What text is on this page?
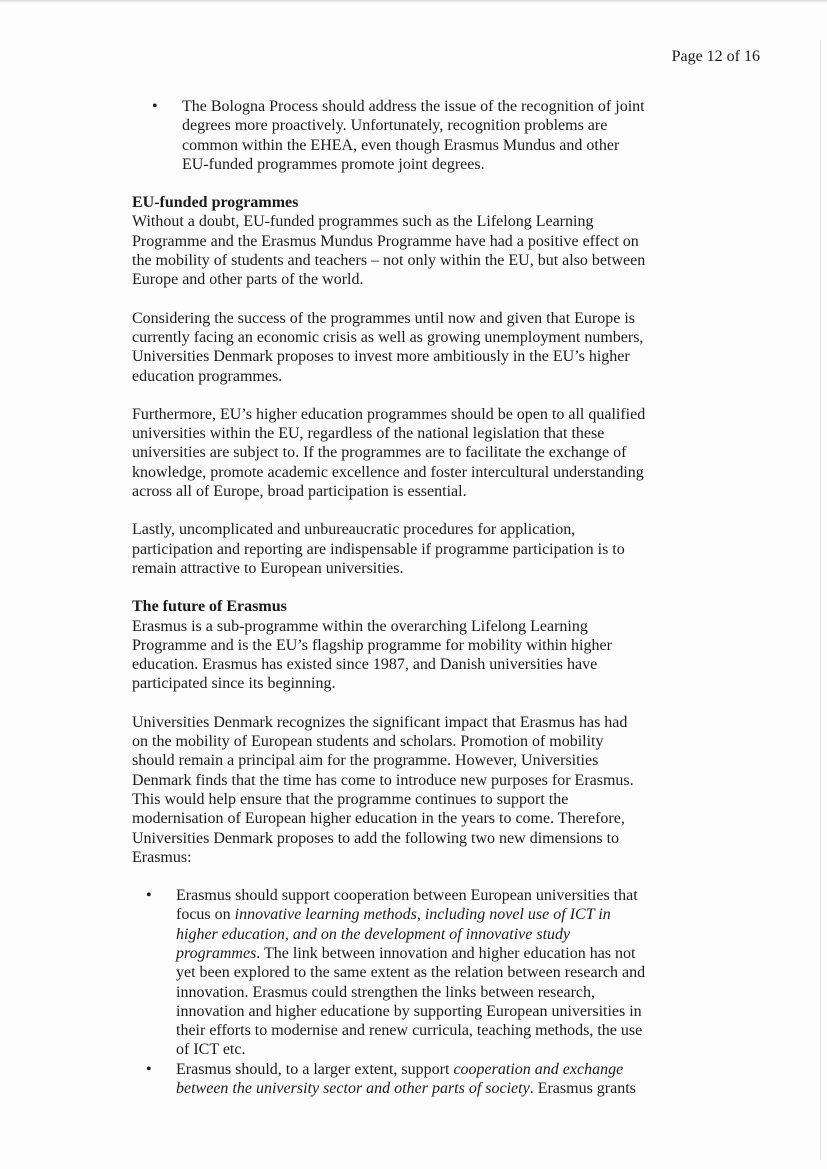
Page 12 of 16
• The Bologna Process should address the issue of the recognition of joint degrees more proactively. Unfortunately, recognition problems are common within the EHEA, even though Erasmus Mundus and other EU-funded programmes promote joint degrees.

EU-funded programmes

Without a doubt, EU-funded programmes such as the Lifelong Learning Programme and the Erasmus Mundus Programme have had a positive effect on the mobility of students and teachers – not only within the EU, but also between Europe and other parts of the world.

Considering the success of the programmes until now and given that Europe is currently facing an economic crisis as well as growing unemployment numbers, Universities Denmark proposes to invest more ambitiously in the EU’s higher education programmes.

Furthermore, EU’s higher education programmes should be open to all qualified universities within the EU, regardless of the national legislation that these universities are subject to. If the programmes are to facilitate the exchange of knowledge, promote academic excellence and foster intercultural understanding across all of Europe, broad participation is essential.

Lastly, uncomplicated and unbureaucratic procedures for application, participation and reporting are indispensable if programme participation is to remain attractive to European universities.

The future of Erasmus

Erasmus is a sub-programme within the overarching Lifelong Learning Programme and is the EU’s flagship programme for mobility within higher education. Erasmus has existed since 1987, and Danish universities have participated since its beginning.

Universities Denmark recognizes the significant impact that Erasmus has had on the mobility of European students and scholars. Promotion of mobility should remain a principal aim for the programme. However, Universities Denmark finds that the time has come to introduce new purposes for Erasmus. This would help ensure that the programme continues to support the modernisation of European higher education in the years to come. Therefore, Universities Denmark proposes to add the following two new dimensions to Erasmus:

• Erasmus should support cooperation between European universities that focus on innovative learning methods, including novel use of ICT in higher education, and on the development of innovative study programmes. The link between innovation and higher education has not yet been explored to the same extent as the relation between research and innovation. Erasmus could strengthen the links between research, innovation and higher educatione by supporting European universities in their efforts to modernise and renew curricula, teaching methods, the use of ICT etc.
• Erasmus should, to a larger extent, support cooperation and exchange between the university sector and other parts of society. Erasmus grants
